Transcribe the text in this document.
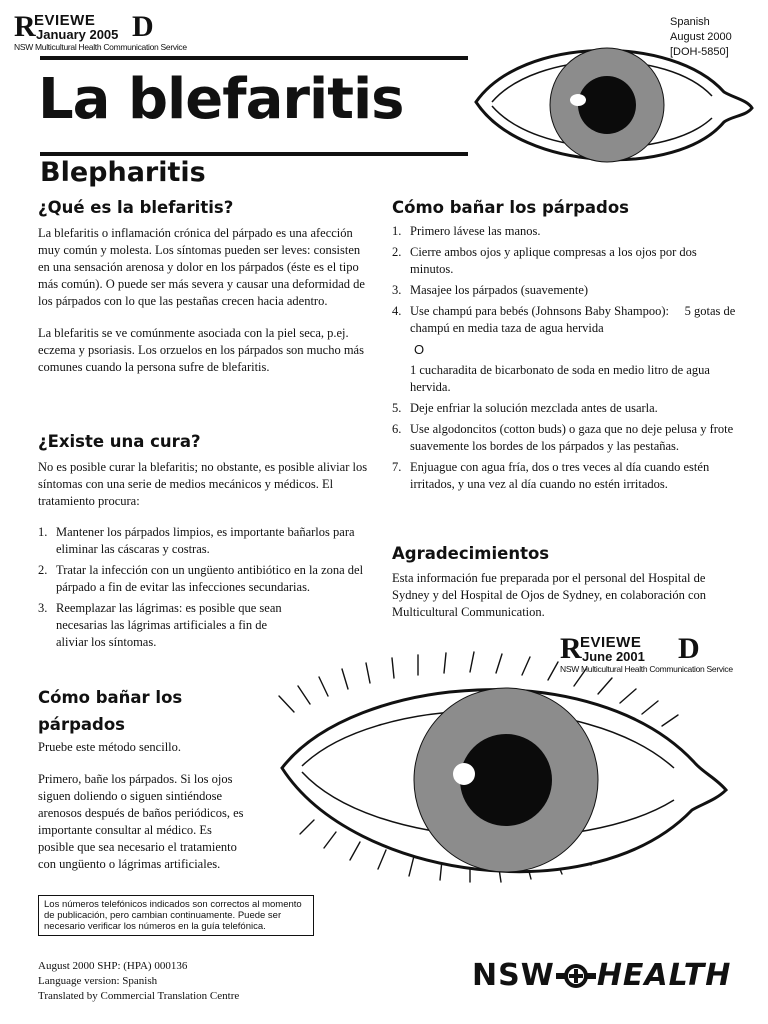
R
EVIEWE D
January 2005
NSW Multicultural Health Communication Service
Spanish
August 2000
[DOH-5850]
La blefaritis
Blepharitis
¿Qué es la blefaritis?

La blefaritis o inflamación crónica del párpado es una afección muy común y molesta. Los síntomas pueden ser leves: consisten en una sensación arenosa y dolor en los párpados (éste es el tipo más común). O puede ser más severa y causar una deformidad de los párpados con lo que las pestañas crecen hacia adentro.

La blefaritis se ve comúnmente asociada con la piel seca, p.ej. eczema y psoriasis. Los orzuelos en los párpados son mucho más comunes cuando la persona sufre de blefaritis.

¿Existe una cura?

No es posible curar la blefaritis; no obstante, es posible aliviar los síntomas con una serie de medios mecánicos y médicos. El tratamiento procura:

1. Mantener los párpados limpios, es importante bañarlos para eliminar las cáscaras y costras.
2. Tratar la infección con un ungüento antibiótico en la zona del párpado a fin de evitar las infecciones secundarias.
3. Reemplazar las lágrimas: es posible que sean necesarias las lágrimas artificiales a fin de aliviar los síntomas.
Cómo bañar los párpados

Pruebe este método sencillo.

Primero, bañe los párpados. Si los ojos siguen doliendo o siguen sintiéndose arenosos después de baños periódicos, es importante consultar al médico. Es posible que sea necesario el tratamiento con ungüento o lágrimas artificiales.

Los números telefónicos indicados son correctos al momento de publicación, pero cambian continuamente. Puede ser necesario verificar los números en la guía telefónica.
August 2000 SHP: (HPA) 000136
Language version: Spanish
Translated by Commercial Translation Centre
Cómo bañar los párpados
1. Primero lávese las manos.
2. Cierre ambos ojos y aplique compresas a los ojos por dos minutos.
3. Masajee los párpados (suavemente)
4. Use champú para bebés (Johnsons Baby Shampoo):     5 gotas de champú en media taza de agua hervida
O
1 cucharadita de bicarbonato de soda en medio litro de agua hervida.
5. Deje enfriar la solución mezclada antes de usarla.
6. Use algodoncitos (cotton buds) o gaza que no deje pelusa y frote suavemente los bordes de los párpados y las pestañas.
7. Enjuague con agua fría, dos o tres veces al día cuando estén irritados, y una vez al día cuando no estén irritados.
Agradecimientos
Esta información fue preparada por el personal del Hospital de Sydney y del Hospital de Ojos de Sydney, en colaboración con Multicultural Communication.
R
EVIEWE D
June 2001
NSW Multicultural Health Communication Service
NSW HEALTH
